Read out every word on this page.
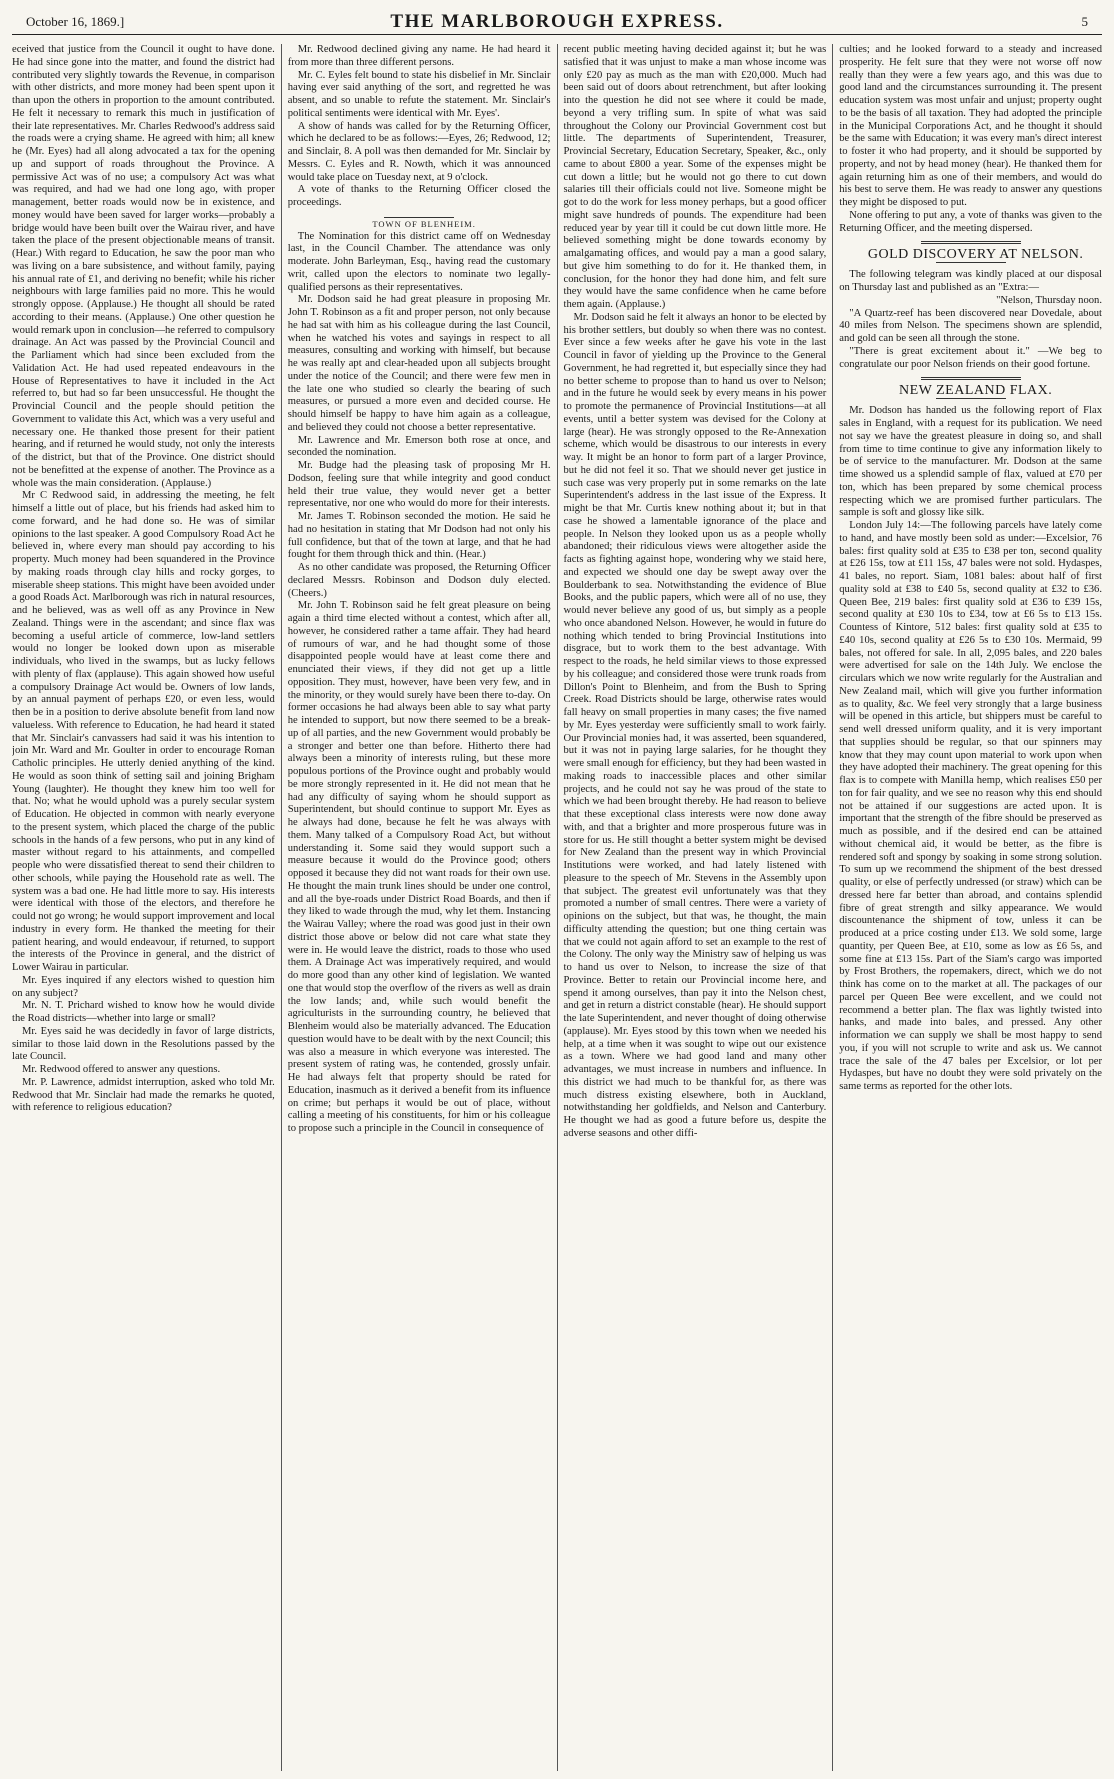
October 16, 1869.]	THE MARLBOROUGH EXPRESS.	5

eceived that justice from the Council it ought to have done. He had since gone into the matter, and found the district had contributed very slightly towards the Revenue, in comparison with other districts, and more money had been spent upon it than upon the others in proportion to the amount contributed. He felt it necessary to remark this much in justification of their late representatives. Mr. Charles Redwood's address said the roads were a crying shame. He agreed with him; all knew he (Mr. Eyes) had all along advocated a tax for the opening up and support of roads throughout the Province. A permissive Act was of no use; a compulsory Act was what was required, and had we had one long ago, with proper management, better roads would now be in existence, and money would have been saved for larger works—probably a bridge would have been built over the Wairau river, and have taken the place of the present objectionable means of transit. (Hear.) With regard to Education, he saw the poor man who was living on a bare subsistence, and without family, paying his annual rate of £1, and deriving no benefit; while his richer neighbours with large families paid no more. This he would strongly oppose. (Applause.) He thought all should be rated according to their means. (Applause.) One other question he would remark upon in conclusion—he referred to compulsory drainage. An Act was passed by the Provincial Council and the Parliament which had since been excluded from the Validation Act. He had used repeated endeavours in the House of Representatives to have it included in the Act referred to, but had so far been unsuccessful. He thought the Provincial Council and the people should petition the Government to validate this Act, which was a very useful and necessary one. He thanked those present for their patient hearing, and if returned he would study, not only the interests of the district, but that of the Province. One district should not be benefitted at the expense of another. The Province as a whole was the main consideration. (Applause.)

Mr C Redwood said, in addressing the meeting, he felt himself a little out of place, but his friends had asked him to come forward, and he had done so. He was of similar opinions to the last speaker. A good Compulsory Road Act he believed in, where every man should pay according to his property. Much money had been squandered in the Province by making roads through clay hills and rocky gorges, to miserable sheep stations. This might have been avoided under a good Roads Act. Marlborough was rich in natural resources, and he believed, was as well off as any Province in New Zealand. Things were in the ascendant; and since flax was becoming a useful article of commerce, low-land settlers would no longer be looked down upon as miserable individuals, who lived in the swamps, but as lucky fellows with plenty of flax (applause). This again showed how useful a compulsory Drainage Act would be. Owners of low lands, by an annual payment of perhaps £20, or even less, would then be in a position to derive absolute benefit from land now valueless. With reference to Education, he had heard it stated that Mr. Sinclair's canvassers had said it was his intention to join Mr. Ward and Mr. Goulter in order to encourage Roman Catholic principles. He utterly denied anything of the kind. He would as soon think of setting sail and joining Brigham Young (laughter). He thought they knew him too well for that. No; what he would uphold was a purely secular system of Education. He objected in common with nearly everyone to the present system, which placed the charge of the public schools in the hands of a few persons, who put in any kind of master without regard to his attainments, and compelled people who were dissatisfied thereat to send their children to other schools, while paying the Household rate as well. The system was a bad one. He had little more to say. His interests were identical with those of the electors, and therefore he could not go wrong; he would support improvement and local industry in every form. He thanked the meeting for their patient hearing, and would endeavour, if returned, to support the interests of the Province in general, and the district of Lower Wairau in particular.

Mr. Eyes inquired if any electors wished to question him on any subject?

Mr. N. T. Prichard wished to know how he would divide the Road districts—whether into large or small?

Mr. Eyes said he was decidedly in favor of large districts, similar to those laid down in the Resolutions passed by the late Council.

Mr. Redwood offered to answer any questions.

Mr. P. Lawrence, admidst interruption, asked who told Mr. Redwood that Mr. Sinclair had made the remarks he quoted, with reference to religious education?

Mr. Redwood declined giving any name. He had heard it from more than three different persons.

Mr. C. Eyles felt bound to state his disbelief in Mr. Sinclair having ever said anything of the sort, and regretted he was absent, and so unable to refute the statement. Mr. Sinclair's political sentiments were identical with Mr. Eyes'.

A show of hands was called for by the Returning Officer, which he declared to be as follows:—Eyes, 26; Redwood, 12; and Sinclair, 8. A poll was then demanded for Mr. Sinclair by Messrs. C. Eyles and R. Nowth, which it was announced would take place on Tuesday next, at 9 o'clock.

A vote of thanks to the Returning Officer closed the proceedings.

TOWN OF BLENHEIM.

The Nomination for this district came off on Wednesday last, in the Council Chamber. The attendance was only moderate. John Barleyman, Esq., having read the customary writ, called upon the electors to nominate two legally-qualified persons as their representatives.

Mr. Dodson said he had great pleasure in proposing Mr. John T. Robinson as a fit and proper person, not only because he had sat with him as his colleague during the last Council, when he watched his votes and sayings in respect to all measures, consulting and working with himself, but because he was really apt and clear-headed upon all subjects brought under the notice of the Council; and there were few men in the late one who studied so clearly the bearing of such measures, or pursued a more even and decided course. He should himself be happy to have him again as a colleague, and believed they could not choose a better representative.

Mr. Lawrence and Mr. Emerson both rose at once, and seconded the nomination.

Mr. Budge had the pleasing task of proposing Mr H. Dodson, feeling sure that while integrity and good conduct held their true value, they would never get a better representative, nor one who would do more for their interests.

Mr. James T. Robinson seconded the motion. He said he had no hesitation in stating that Mr Dodson had not only his full confidence, but that of the town at large, and that he had fought for them through thick and thin. (Hear.)

As no other candidate was proposed, the Returning Officer declared Messrs. Robinson and Dodson duly elected. (Cheers.)

Mr. John T. Robinson said he felt great pleasure on being again a third time elected without a contest, which after all, however, he considered rather a tame affair. They had heard of rumours of war, and he had thought some of those disappointed people would have at least come there and enunciated their views, if they did not get up a little opposition. They must, however, have been very few, and in the minority, or they would surely have been there to-day. On former occasions he had always been able to say what party he intended to support, but now there seemed to be a break-up of all parties, and the new Government would probably be a stronger and better one than before. Hitherto there had always been a minority of interests ruling, but these more populous portions of the Province ought and probably would be more strongly represented in it. He did not mean that he had any difficulty of saying whom he should support as Superintendent, but should continue to support Mr. Eyes as he always had done, because he felt he was always with them. Many talked of a Compulsory Road Act, but without understanding it. Some said they would support such a measure because it would do the Province good; others opposed it because they did not want roads for their own use. He thought the main trunk lines should be under one control, and all the bye-roads under District Road Boards, and then if they liked to wade through the mud, why let them. Instancing the Wairau Valley; where the road was good just in their own district those above or below did not care what state they were in. He would leave the district, roads to those who used them. A Drainage Act was imperatively required, and would do more good than any other kind of legislation. We wanted one that would stop the overflow of the rivers as well as drain the low lands; and, while such would benefit the agriculturists in the surrounding country, he believed that Blenheim would also be materially advanced. The Education question would have to be dealt with by the next Council; this was also a measure in which everyone was interested. The present system of rating was, he contended, grossly unfair. He had always felt that property should be rated for Education, inasmuch as it derived a benefit from its influence on crime; but perhaps it would be out of place, without calling a meeting of his constituents, for him or his colleague to propose such a principle in the Council in consequence of

recent public meeting having decided against it; but he was satisfied that it was unjust to make a man whose income was only £20 pay as much as the man with £20,000. Much had been said out of doors about retrenchment, but after looking into the question he did not see where it could be made, beyond a very trifling sum. In spite of what was said throughout the Colony our Provincial Government cost but little. The departments of Superintendent, Treasurer, Provincial Secretary, Education Secretary, Speaker, &c., only came to about £800 a year. Some of the expenses might be cut down a little; but he would not go there to cut down salaries till their officials could not live. Someone might be got to do the work for less money perhaps, but a good officer might save hundreds of pounds. The expenditure had been reduced year by year till it could be cut down little more. He believed something might be done towards economy by amalgamating offices, and would pay a man a good salary, but give him something to do for it. He thanked them, in conclusion, for the honor they had done him, and felt sure they would have the same confidence when he came before them again. (Applause.)

Mr. Dodson said he felt it always an honor to be elected by his brother settlers, but doubly so when there was no contest. Ever since a few weeks after he gave his vote in the last Council in favor of yielding up the Province to the General Government, he had regretted it, but especially since they had no better scheme to propose than to hand us over to Nelson; and in the future he would seek by every means in his power to promote the permanence of Provincial Institutions—at all events, until a better system was devised for the Colony at large (hear). He was strongly opposed to the Re-Annexation scheme, which would be disastrous to our interests in every way. It might be an honor to form part of a larger Province, but he did not feel it so. That we should never get justice in such case was very properly put in some remarks on the late Superintendent's address in the last issue of the Express. It might be that Mr. Curtis knew nothing about it; but in that case he showed a lamentable ignorance of the place and people. In Nelson they looked upon us as a people wholly abandoned; their ridiculous views were altogether aside the facts as fighting against hope, wondering why we staid here, and expected we should one day be swept away over the Boulderbank to sea. Notwithstanding the evidence of Blue Books, and the public papers, which were all of no use, they would never believe any good of us, but simply as a people who once abandoned Nelson. However, he would in future do nothing which tended to bring Provincial Institutions into disgrace, but to work them to the best advantage. With respect to the roads, he held similar views to those expressed by his colleague; and considered those were trunk roads from Dillon's Point to Blenheim, and from the Bush to Spring Creek. Road Districts should be large, otherwise rates would fall heavy on small properties in many cases; the five named by Mr. Eyes yesterday were sufficiently small to work fairly. Our Provincial monies had, it was asserted, been squandered, but it was not in paying large salaries, for he thought they were small enough for efficiency, but they had been wasted in making roads to inaccessible places and other similar projects, and he could not say he was proud of the state to which we had been brought thereby. He had reason to believe that these exceptional class interests were now done away with, and that a brighter and more prosperous future was in store for us. He still thought a better system might be devised for New Zealand than the present way in which Provincial Institutions were worked, and had lately listened with pleasure to the speech of Mr. Stevens in the Assembly upon that subject. The greatest evil unfortunately was that they promoted a number of small centres. There were a variety of opinions on the subject, but that was, he thought, the main difficulty attending the question; but one thing certain was that we could not again afford to set an example to the rest of the Colony. The only way the Ministry saw of helping us was to hand us over to Nelson, to increase the size of that Province. Better to retain our Provincial income here, and spend it among ourselves, than pay it into the Nelson chest, and get in return a district constable (hear). He should support the late Superintendent, and never thought of doing otherwise (applause). Mr. Eyes stood by this town when we needed his help, at a time when it was sought to wipe out our existence as a town. Where we had good land and many other advantages, we must increase in numbers and influence. In this district we had much to be thankful for, as there was much distress existing elsewhere, both in Auckland, notwithstanding her goldfields, and Nelson and Canterbury. He thought we had as good a future before us, despite the adverse seasons and other diffi-

culties; and he looked forward to a steady and increased prosperity. He felt sure that they were not worse off now really than they were a few years ago, and this was due to good land and the circumstances surrounding it. The present education system was most unfair and unjust; property ought to be the basis of all taxation. They had adopted the principle in the Municipal Corporations Act, and he thought it should be the same with Education; it was every man's direct interest to foster it who had property, and it should be supported by property, and not by head money (hear). He thanked them for again returning him as one of their members, and would do his best to serve them. He was ready to answer any questions they might be disposed to put.

None offering to put any, a vote of thanks was given to the Returning Officer, and the meeting dispersed.

GOLD DISCOVERY AT NELSON.

The following telegram was kindly placed at our disposal on Thursday last and published as an "Extra:—

"Nelson, Thursday noon.

"A Quartz-reef has been discovered near Dovedale, about 40 miles from Nelson. The specimens shown are splendid, and gold can be seen all through the stone.

"There is great excitement about it." —We beg to congratulate our poor Nelson friends on their good fortune.

NEW ZEALAND FLAX.

Mr. Dodson has handed us the following report of Flax sales in England, with a request for its publication. We need not say we have the greatest pleasure in doing so, and shall from time to time continue to give any information likely to be of service to the manufacturer. Mr. Dodson at the same time showed us a splendid sample of flax, valued at £70 per ton, which has been prepared by some chemical process respecting which we are promised further particulars. The sample is soft and glossy like silk.

London July 14:—The following parcels have lately come to hand, and have mostly been sold as under:—Excelsior, 76 bales: first quality sold at £35 to £38 per ton, second quality at £26 15s, tow at £11 15s, 47 bales were not sold. Hydaspes, 41 bales, no report. Siam, 1081 bales: about half of first quality sold at £38 to £40 5s, second quality at £32 to £36. Queen Bee, 219 bales: first quality sold at £36 to £39 15s, second quality at £30 10s to £34, tow at £6 5s to £13 15s. Countess of Kintore, 512 bales: first quality sold at £35 to £40 10s, second quality at £26 5s to £30 10s. Mermaid, 99 bales, not offered for sale. In all, 2,095 bales, and 220 bales were advertised for sale on the 14th July. We enclose the circulars which we now write regularly for the Australian and New Zealand mail, which will give you further information as to quality, &c. We feel very strongly that a large business will be opened in this article, but shippers must be careful to send well dressed uniform quality, and it is very important that supplies should be regular, so that our spinners may know that they may count upon material to work upon when they have adopted their machinery. The great opening for this flax is to compete with Manilla hemp, which realises £50 per ton for fair quality, and we see no reason why this end should not be attained if our suggestions are acted upon. It is important that the strength of the fibre should be preserved as much as possible, and if the desired end can be attained without chemical aid, it would be better, as the fibre is rendered soft and spongy by soaking in some strong solution. To sum up we recommend the shipment of the best dressed quality, or else of perfectly undressed (or straw) which can be dressed here far better than abroad, and contains splendid fibre of great strength and silky appearance. We would discountenance the shipment of tow, unless it can be produced at a price costing under £13. We sold some, large quantity, per Queen Bee, at £10, some as low as £6 5s, and some fine at £13 15s. Part of the Siam's cargo was imported by Frost Brothers, the ropemakers, direct, which we do not think has come on to the market at all. The packages of our parcel per Queen Bee were excellent, and we could not recommend a better plan. The flax was lightly twisted into hanks, and made into bales, and pressed. Any other information we can supply we shall be most happy to send you, if you will not scruple to write and ask us. We cannot trace the sale of the 47 bales per Excelsior, or lot per Hydaspes, but have no doubt they were sold privately on the same terms as reported for the other lots.
